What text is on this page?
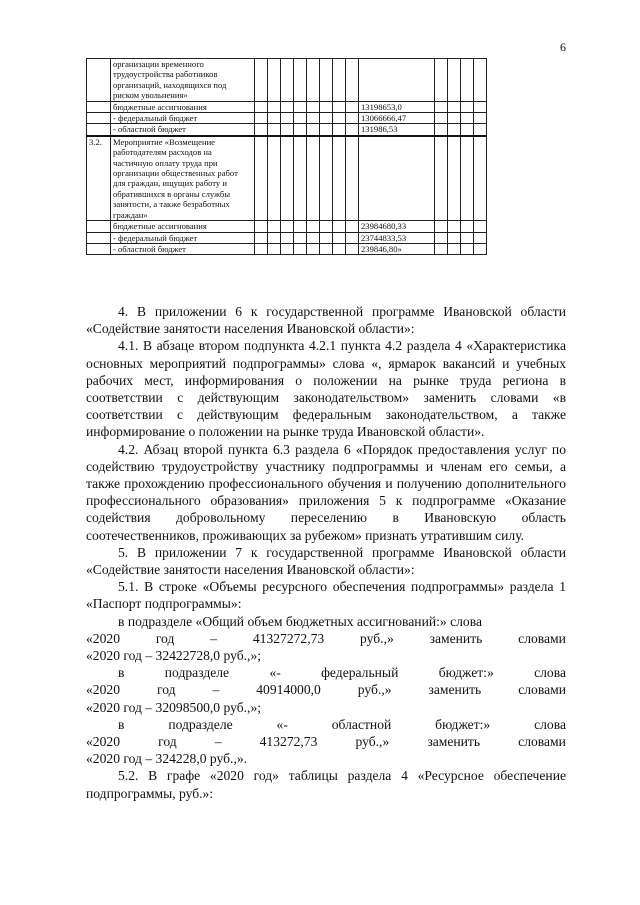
6
	организации временного трудоустройства работников организаций, находящихся под риском увольнения»													
	бюджетные ассигнования									13198653,0				
	- федеральный бюджет									13066666,47				
	- областной бюджет									131986,53				
3.2.	Мероприятие «Возмещение работодателям расходов на частичную оплату труда при организации общественных работ для граждан, ищущих работу и обратившихся в органы службы занятости, а также безработных граждан»													
	бюджетные ассигнования									23984680,33				
	- федеральный бюджет									23744833,53				
	- областной бюджет									239846,80»				

4. В приложении 6 к государственной программе Ивановской области «Содействие занятости населения Ивановской области»:

4.1. В абзаце втором подпункта 4.2.1 пункта 4.2 раздела 4 «Характеристика основных мероприятий подпрограммы» слова «, ярмарок вакансий и учебных рабочих мест, информирования о положении на рынке труда региона в соответствии с действующим законодательством» заменить словами «в соответствии с действующим федеральным законодательством, а также информирование о положении на рынке труда Ивановской области».

4.2. Абзац второй пункта 6.3 раздела 6 «Порядок предоставления услуг по содействию трудоустройству участнику подпрограммы и членам его семьи, а также прохождению профессионального обучения и получению дополнительного профессионального образования» приложения 5 к подпрограмме «Оказание содействия добровольному переселению в Ивановскую область соотечественников, проживающих за рубежом» признать утратившим силу.

5. В приложении 7 к государственной программе Ивановской области «Содействие занятости населения Ивановской области»:

5.1. В строке «Объемы ресурсного обеспечения подпрограммы» раздела 1 «Паспорт подпрограммы»:

в подразделе «Общий объем бюджетных ассигнований:» слова

«2020	год	–	41327272,73	руб.,»	заменить	словами
«2020 год – 32422728,0 руб.,»;
в	подразделе	«-	федеральный	бюджет:»	слова
«2020	год	–	40914000,0	руб.,»	заменить	словами
«2020 год – 32098500,0 руб.,»;
в	подразделе	«-	областной	бюджет:»	слова
«2020	год	–	413272,73	руб.,»	заменить	словами
«2020 год – 324228,0 руб.,».

5.2. В графе «2020 год» таблицы раздела 4 «Ресурсное обеспечение подпрограммы, руб.»:
